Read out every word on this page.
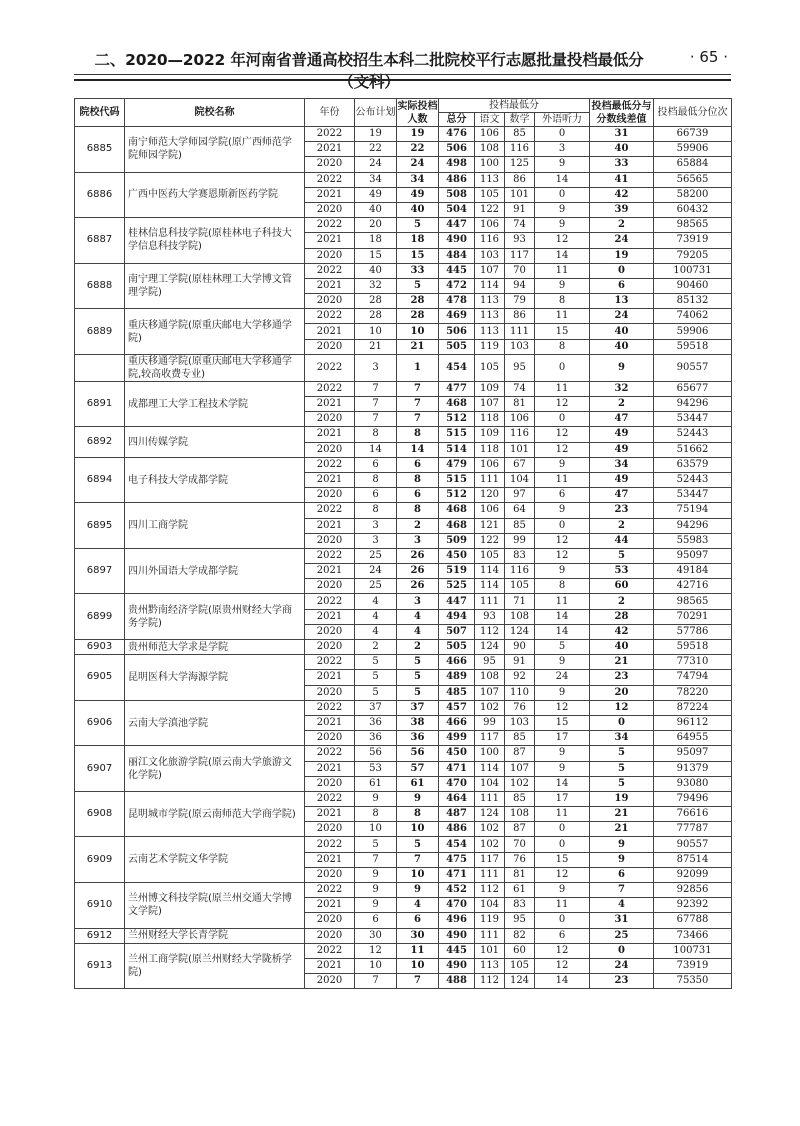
二、2020—2022 年河南省普通高校招生本科二批院校平行志愿批量投档最低分（文科）
· 65 ·
院校代码	院校名称	年份	公布计划	实际投档人数	投档最低分				投档最低分与分数线差值	投档最低分位次
					总分	语文	数学	外语听力		
6885	南宁师范大学师园学院(原广西师范学院师园学院)	2022	19	19	476	106	85	0	31	66739
		2021	22	22	506	108	116	3	40	59906
		2020	24	24	498	100	125	9	33	65884
6886	广西中医药大学赛恩斯新医药学院	2022	34	34	486	113	86	14	41	56565
		2021	49	49	508	105	101	0	42	58200
		2020	40	40	504	122	91	9	39	60432
6887	桂林信息科技学院(原桂林电子科技大学信息科技学院)	2022	20	5	447	106	74	9	2	98565
		2021	18	18	490	116	93	12	24	73919
		2020	15	15	484	103	117	14	19	79205
6888	南宁理工学院(原桂林理工大学博文管理学院)	2022	40	33	445	107	70	11	0	100731
		2021	32	5	472	114	94	9	6	90460
		2020	28	28	478	113	79	8	13	85132
6889	重庆移通学院(原重庆邮电大学移通学院)	2022	28	28	469	113	86	11	24	74062
		2021	10	10	506	113	111	15	40	59906
		2020	21	21	505	119	103	8	40	59518
	重庆移通学院(原重庆邮电大学移通学院,较高收费专业)	2022	3	1	454	105	95	0	9	90557
6891	成都理工大学工程技术学院	2022	7	7	477	109	74	11	32	65677
		2021	7	7	468	107	81	12	2	94296
		2020	7	7	512	118	106	0	47	53447
6892	四川传媒学院	2021	8	8	515	109	116	12	49	52443
		2020	14	14	514	118	101	12	49	51662
6894	电子科技大学成都学院	2022	6	6	479	106	67	9	34	63579
		2021	8	8	515	111	104	11	49	52443
		2020	6	6	512	120	97	6	47	53447
6895	四川工商学院	2022	8	8	468	106	64	9	23	75194
		2021	3	2	468	121	85	0	2	94296
		2020	3	3	509	122	99	12	44	55983
6897	四川外国语大学成都学院	2022	25	26	450	105	83	12	5	95097
		2021	24	26	519	114	116	9	53	49184
		2020	25	26	525	114	105	8	60	42716
6899	贵州黔南经济学院(原贵州财经大学商务学院)	2022	4	3	447	111	71	11	2	98565
		2021	4	4	494	93	108	14	28	70291
		2020	4	4	507	112	124	14	42	57786
6903	贵州师范大学求是学院	2020	2	2	505	124	90	5	40	59518
6905	昆明医科大学海源学院	2022	5	5	466	95	91	9	21	77310
		2021	5	5	489	108	92	24	23	74794
		2020	5	5	485	107	110	9	20	78220
6906	云南大学滇池学院	2022	37	37	457	102	76	12	12	87224
		2021	36	38	466	99	103	15	0	96112
		2020	36	36	499	117	85	17	34	64955
6907	丽江文化旅游学院(原云南大学旅游文化学院)	2022	56	56	450	100	87	9	5	95097
		2021	53	57	471	114	107	9	5	91379
		2020	61	61	470	104	102	14	5	93080
6908	昆明城市学院(原云南师范大学商学院)	2022	9	9	464	111	85	17	19	79496
		2021	8	8	487	124	108	11	21	76616
		2020	10	10	486	102	87	0	21	77787
6909	云南艺术学院文华学院	2022	5	5	454	102	70	0	9	90557
		2021	7	7	475	117	76	15	9	87514
		2020	9	10	471	111	81	12	6	92099
6910	兰州博文科技学院(原兰州交通大学博文学院)	2022	9	9	452	112	61	9	7	92856
		2021	9	4	470	104	83	11	4	92392
		2020	6	6	496	119	95	0	31	67788
6912	兰州财经大学长青学院	2020	30	30	490	111	82	6	25	73466
6913	兰州工商学院(原兰州财经大学陇桥学院)	2022	12	11	445	101	60	12	0	100731
		2021	10	10	490	113	105	12	24	73919
		2020	7	7	488	112	124	14	23	75350
